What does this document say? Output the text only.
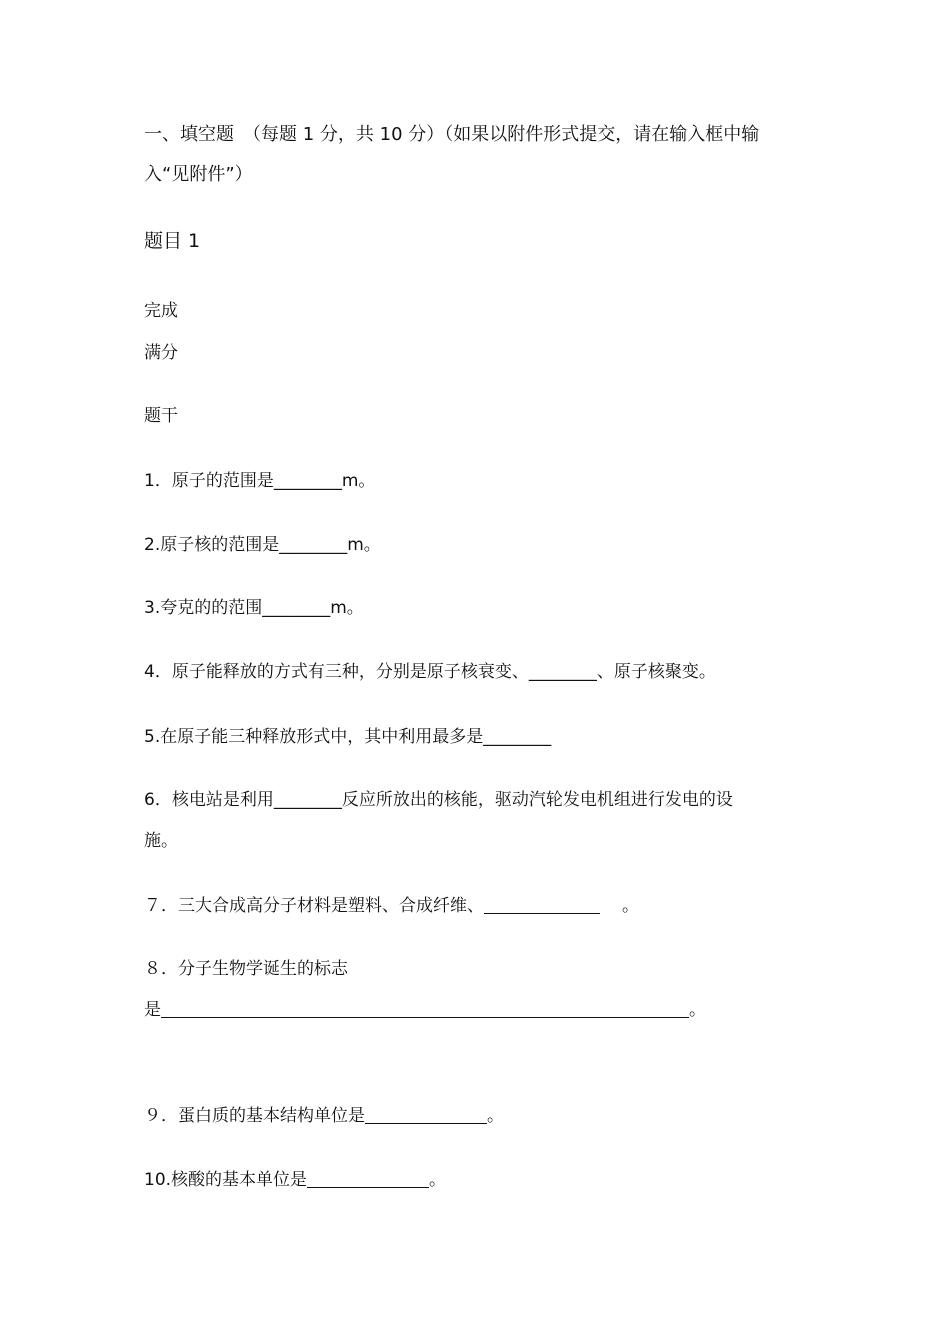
一、填空题　（每题 1 分，共 10 分）（如果以附件形式提交，请在输入框中输
入“见附件”）
题目 1
完成
满分
题干
1．原子的范围是________m。
2.原子核的范围是________m。
3.夸克的的范围________m。
4．原子能释放的方式有三种，分别是原子核衰变、________、原子核聚变。
5.在原子能三种释放形式中，其中利用最多是________
6．核电站是利用________反应所放出的核能，驱动汽轮发电机组进行发电的设
施。
７．三大合成高分子材料是塑料、合成纤维、	。
８．分子生物学诞生的标志
是	。
９．蛋白质的基本结构单位是	。
10.核酸的基本单位是	。
